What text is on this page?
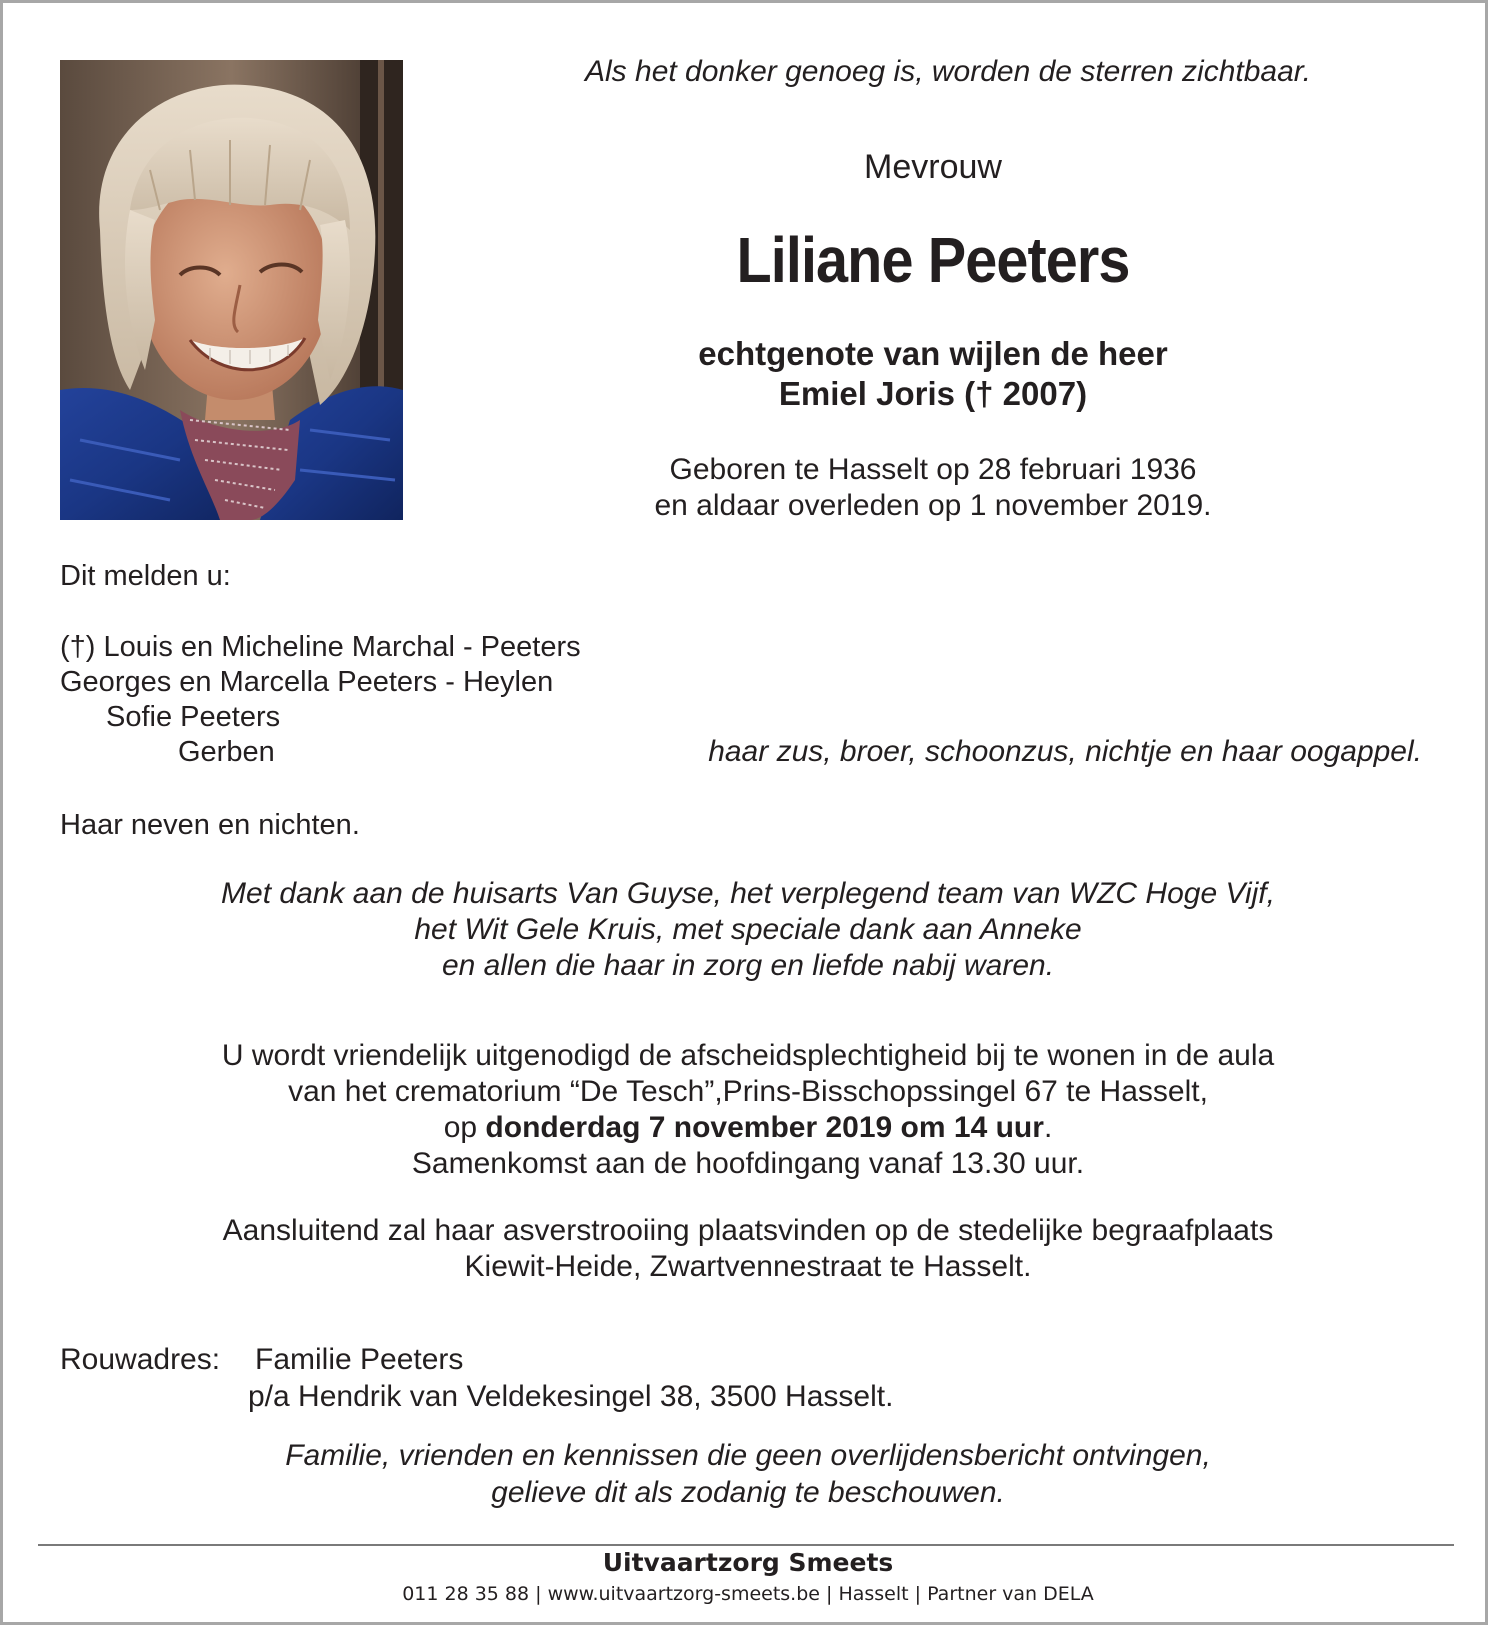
Als het donker genoeg is, worden de sterren zichtbaar.
Mevrouw
Liliane Peeters
echtgenote van wijlen de heer
Emiel Joris († 2007)
Geboren te Hasselt op 28 februari 1936
en aldaar overleden op 1 november 2019.
Dit melden u:
(†) Louis en Micheline Marchal - Peeters
Georges en Marcella Peeters - Heylen
Sofie Peeters
Gerben	haar zus, broer, schoonzus, nichtje en haar oogappel.
Haar neven en nichten.
Met dank aan de huisarts Van Guyse, het verplegend team van WZC Hoge Vijf,
het Wit Gele Kruis, met speciale dank aan Anneke
en allen die haar in zorg en liefde nabij waren.
U wordt vriendelijk uitgenodigd de afscheidsplechtigheid bij te wonen in de aula
van het crematorium “De Tesch”,Prins-Bisschopssingel 67 te Hasselt,
op donderdag 7 november 2019 om 14 uur.
Samenkomst aan de hoofdingang vanaf 13.30 uur.
Aansluitend zal haar asverstrooiing plaatsvinden op de stedelijke begraafplaats
Kiewit-Heide, Zwartvennestraat te Hasselt.
Rouwadres: Familie Peeters
p/a Hendrik van Veldekesingel 38, 3500 Hasselt.
Familie, vrienden en kennissen die geen overlijdensbericht ontvingen,
gelieve dit als zodanig te beschouwen.
Uitvaartzorg Smeets
011 28 35 88 | www.uitvaartzorg-smeets.be | Hasselt | Partner van DELA
